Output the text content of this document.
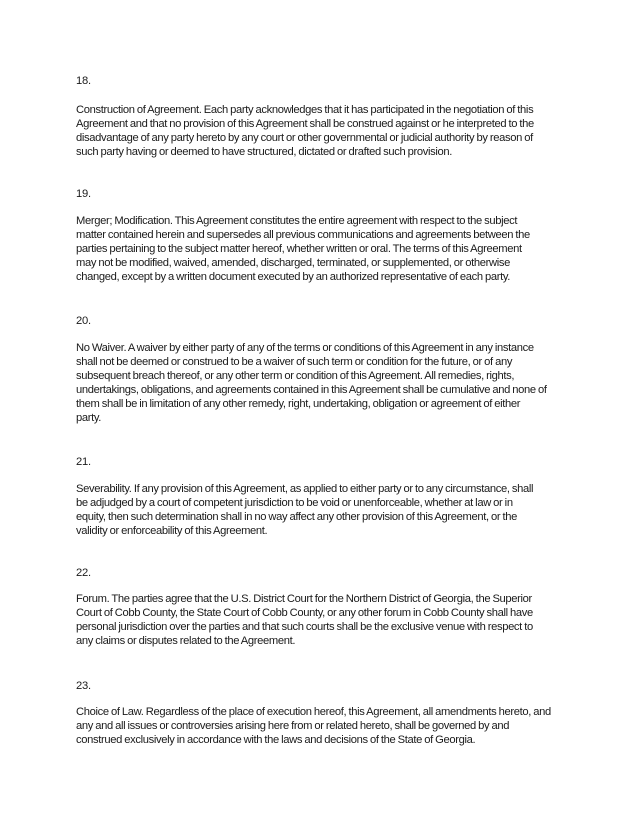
18.
Construction of Agreement. Each party acknowledges that it has participated in the negotiation of this
Agreement and that no provision of this Agreement shall be construed against or he interpreted to the
disadvantage of any party hereto by any court or other governmental or judicial authority by reason of
such party having or deemed to have structured, dictated or drafted such provision.
19.
Merger; Modification. This Agreement constitutes the entire agreement with respect to the subject
matter contained herein and supersedes all previous communications and agreements between the
parties pertaining to the subject matter hereof, whether written or oral. The terms of this Agreement
may not be modified, waived, amended, discharged, terminated, or supplemented, or otherwise
changed, except by a written document executed by an authorized representative of each party.
20.
No Waiver. A waiver by either party of any of the terms or conditions of this Agreement in any instance
shall not be deemed or construed to be a waiver of such term or condition for the future, or of any
subsequent breach thereof, or any other term or condition of this Agreement. All remedies, rights,
undertakings, obligations, and agreements contained in this Agreement shall be cumulative and none of
them shall be in limitation of any other remedy, right, undertaking, obligation or agreement of either
party.
21.
Severability. If any provision of this Agreement, as applied to either party or to any circumstance, shall
be adjudged by a court of competent jurisdiction to be void or unenforceable, whether at law or in
equity, then such determination shall in no way affect any other provision of this Agreement, or the
validity or enforceability of this Agreement.
22.
Forum. The parties agree that the U.S. District Court for the Northern District of Georgia, the Superior
Court of Cobb County, the State Court of Cobb County, or any other forum in Cobb County shall have
personal jurisdiction over the parties and that such courts shall be the exclusive venue with respect to
any claims or disputes related to the Agreement.
23.
Choice of Law. Regardless of the place of execution hereof, this Agreement, all amendments hereto, and
any and all issues or controversies arising here from or related hereto, shall be governed by and
construed exclusively in accordance with the laws and decisions of the State of Georgia.
